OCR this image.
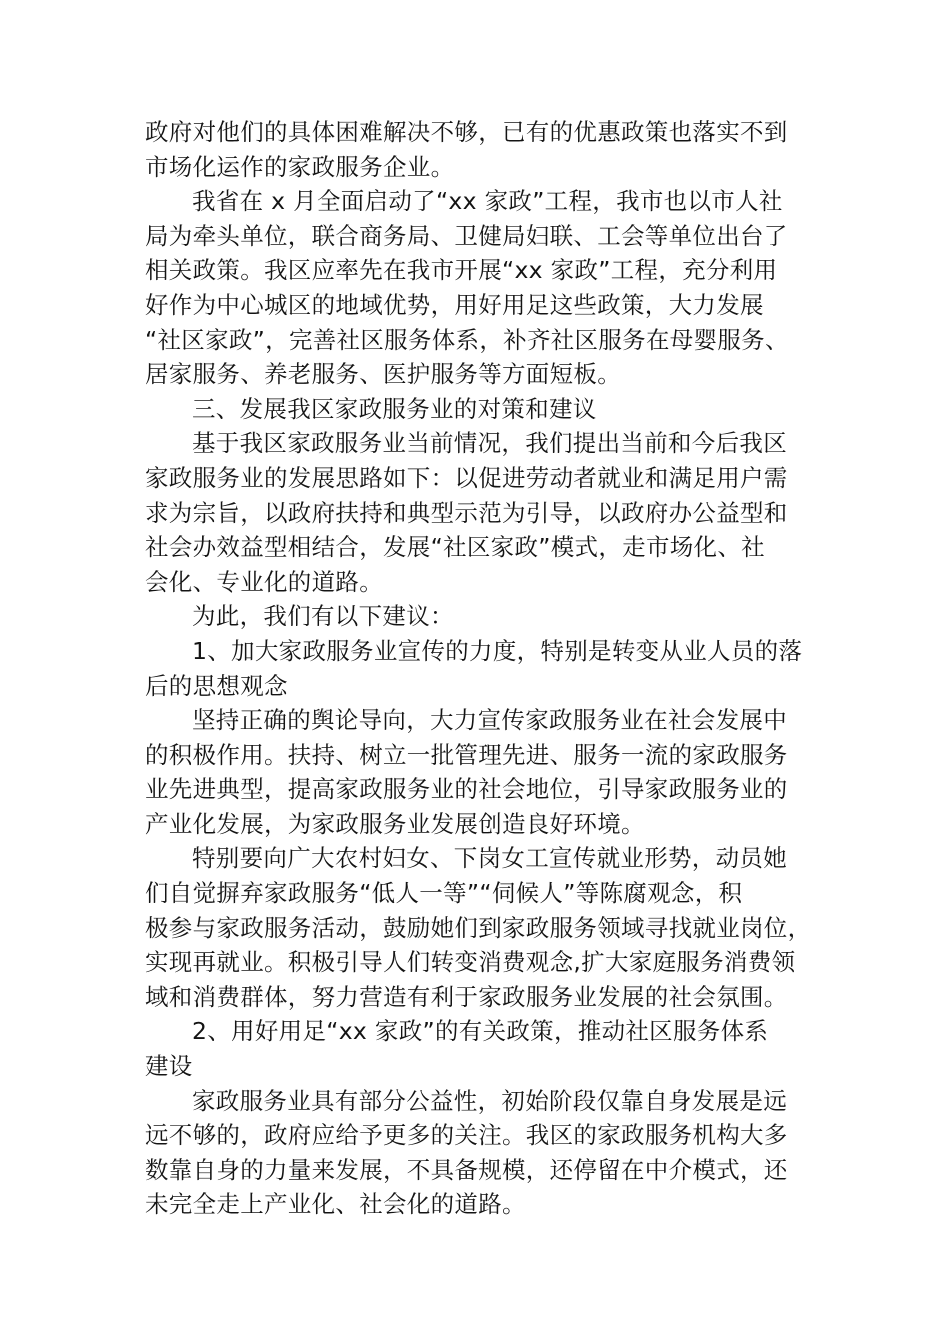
政府对他们的具体困难解决不够，已有的优惠政策也落实不到
市场化运作的家政服务企业。
我省在 x 月全面启动了“xx 家政”工程，我市也以市人社
局为牵头单位，联合商务局、卫健局妇联、工会等单位出台了
相关政策。我区应率先在我市开展“xx 家政”工程，充分利用
好作为中心城区的地域优势，用好用足这些政策，大力发展
“社区家政”，完善社区服务体系，补齐社区服务在母婴服务、
居家服务、养老服务、医护服务等方面短板。
三、发展我区家政服务业的对策和建议
基于我区家政服务业当前情况，我们提出当前和今后我区
家政服务业的发展思路如下：以促进劳动者就业和满足用户需
求为宗旨，以政府扶持和典型示范为引导，以政府办公益型和
社会办效益型相结合，发展“社区家政”模式，走市场化、社
会化、专业化的道路。
为此，我们有以下建议：
1、加大家政服务业宣传的力度，特别是转变从业人员的落
后的思想观念
坚持正确的舆论导向，大力宣传家政服务业在社会发展中
的积极作用。扶持、树立一批管理先进、服务一流的家政服务
业先进典型，提高家政服务业的社会地位，引导家政服务业的
产业化发展，为家政服务业发展创造良好环境。
特别要向广大农村妇女、下岗女工宣传就业形势，动员她
们自觉摒弃家政服务“低人一等”“伺候人”等陈腐观念，积
极参与家政服务活动，鼓励她们到家政服务领域寻找就业岗位，
实现再就业。积极引导人们转变消费观念,扩大家庭服务消费领
域和消费群体，努力营造有利于家政服务业发展的社会氛围。
2、用好用足“xx 家政”的有关政策，推动社区服务体系
建设
家政服务业具有部分公益性，初始阶段仅靠自身发展是远
远不够的，政府应给予更多的关注。我区的家政服务机构大多
数靠自身的力量来发展，不具备规模，还停留在中介模式，还
未完全走上产业化、社会化的道路。
